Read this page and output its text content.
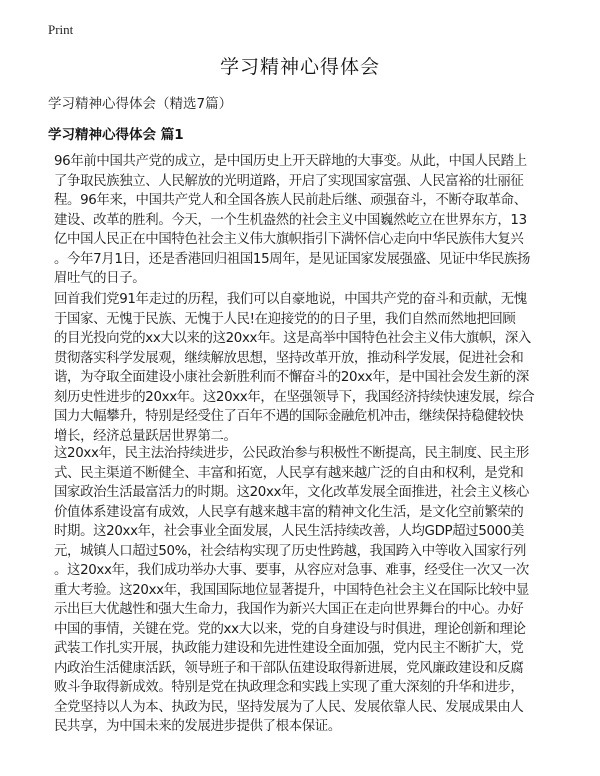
Print
学习精神心得体会
学习精神心得体会（精选7篇）
学习精神心得体会 篇1
96年前中国共产党的成立，是中国历史上开天辟地的大事变。从此，中国人民踏上
了争取民族独立、人民解放的光明道路，开启了实现国家富强、人民富裕的壮丽征
程。96年来，中国共产党人和全国各族人民前赴后继、顽强奋斗，不断夺取革命、
建设、改革的胜利。今天，一个生机盎然的社会主义中国巍然屹立在世界东方，13
亿中国人民正在中国特色社会主义伟大旗帜指引下满怀信心走向中华民族伟大复兴
。今年7月1日，还是香港回归祖国15周年，是见证国家发展强盛、见证中华民族扬
眉吐气的日子。
回首我们党91年走过的历程，我们可以自豪地说，中国共产党的奋斗和贡献，无愧
于国家、无愧于民族、无愧于人民!在迎接党的的日子里，我们自然而然地把回顾
的目光投向党的xx大以来的这20xx年。这是高举中国特色社会主义伟大旗帜，深入
贯彻落实科学发展观，继续解放思想，坚持改革开放，推动科学发展，促进社会和
谐，为夺取全面建设小康社会新胜利而不懈奋斗的20xx年，是中国社会发生新的深
刻历史性进步的20xx年。这20xx年，在坚强领导下，我国经济持续快速发展，综合
国力大幅攀升，特别是经受住了百年不遇的国际金融危机冲击，继续保持稳健较快
增长，经济总量跃居世界第二。
这20xx年，民主法治持续进步，公民政治参与积极性不断提高，民主制度、民主形
式、民主渠道不断健全、丰富和拓宽，人民享有越来越广泛的自由和权利，是党和
国家政治生活最富活力的时期。这20xx年，文化改革发展全面推进，社会主义核心
价值体系建设富有成效，人民享有越来越丰富的精神文化生活，是文化空前繁荣的
时期。这20xx年，社会事业全面发展，人民生活持续改善，人均GDP超过5000美
元，城镇人口超过50%，社会结构实现了历史性跨越，我国跨入中等收入国家行列
。这20xx年，我们成功举办大事、要事，从容应对急事、难事，经受住一次又一次
重大考验。这20xx年，我国国际地位显著提升，中国特色社会主义在国际比较中显
示出巨大优越性和强大生命力，我国作为新兴大国正在走向世界舞台的中心。办好
中国的事情，关键在党。党的xx大以来，党的自身建设与时俱进，理论创新和理论
武装工作扎实开展，执政能力建设和先进性建设全面加强，党内民主不断扩大，党
内政治生活健康活跃，领导班子和干部队伍建设取得新进展，党风廉政建设和反腐
败斗争取得新成效。特别是党在执政理念和实践上实现了重大深刻的升华和进步，
全党坚持以人为本、执政为民，坚持发展为了人民、发展依靠人民、发展成果由人
民共享，为中国未来的发展进步提供了根本保证。
